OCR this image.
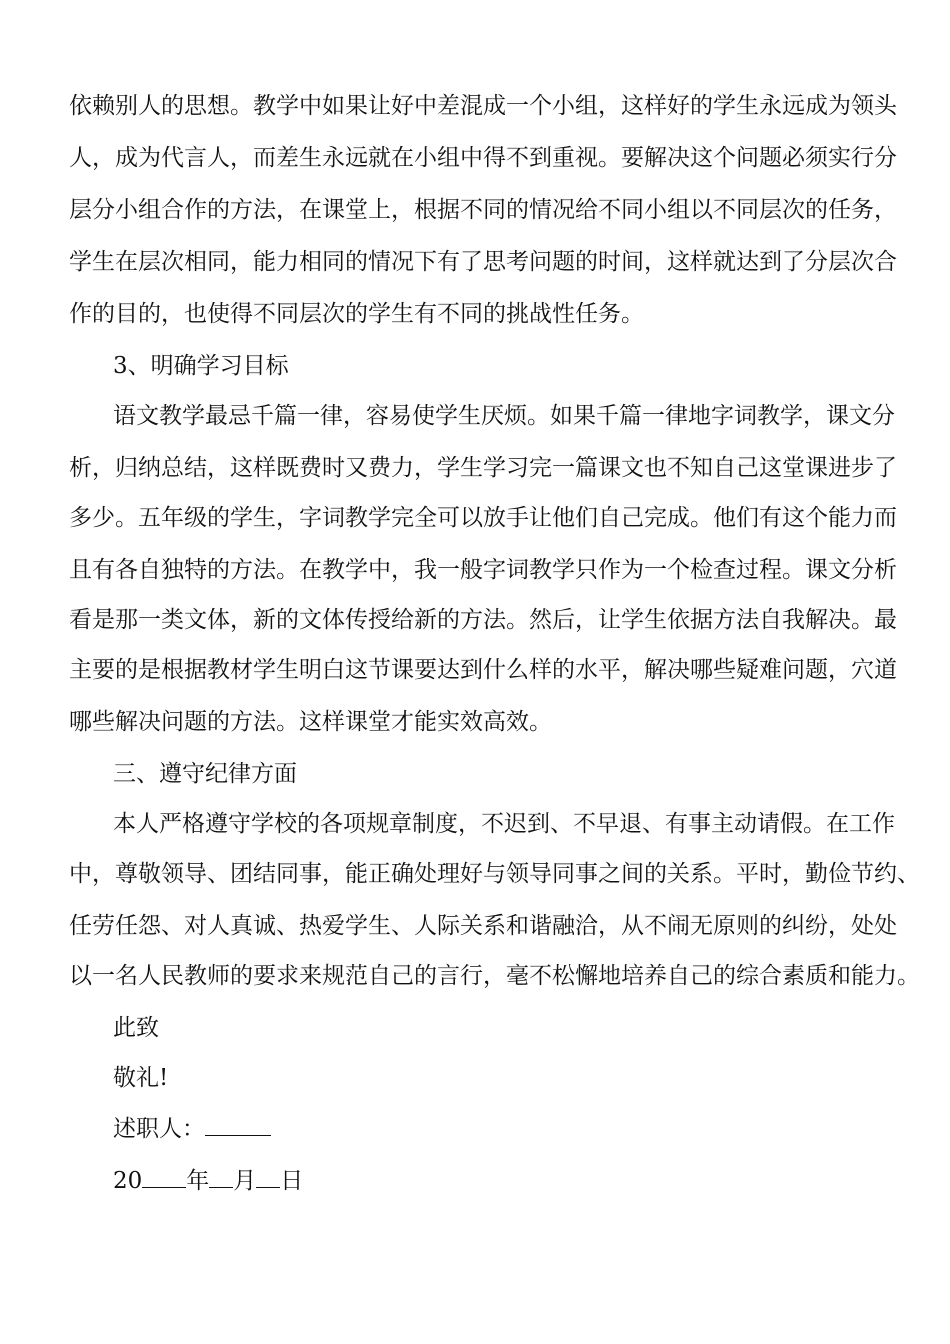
依赖别人的思想。教学中如果让好中差混成一个小组，这样好的学生永远成为领头
人，成为代言人，而差生永远就在小组中得不到重视。要解决这个问题必须实行分
层分小组合作的方法，在课堂上，根据不同的情况给不同小组以不同层次的任务，
学生在层次相同，能力相同的情况下有了思考问题的时间，这样就达到了分层次合
作的目的，也使得不同层次的学生有不同的挑战性任务。
3、明确学习目标
语文教学最忌千篇一律，容易使学生厌烦。如果千篇一律地字词教学，课文分
析，归纳总结，这样既费时又费力，学生学习完一篇课文也不知自己这堂课进步了
多少。五年级的学生，字词教学完全可以放手让他们自己完成。他们有这个能力而
且有各自独特的方法。在教学中，我一般字词教学只作为一个检查过程。课文分析
看是那一类文体，新的文体传授给新的方法。然后，让学生依据方法自我解决。最
主要的是根据教材学生明白这节课要达到什么样的水平，解决哪些疑难问题，穴道
哪些解决问题的方法。这样课堂才能实效高效。
三、遵守纪律方面
本人严格遵守学校的各项规章制度，不迟到、不早退、有事主动请假。在工作
中，尊敬领导、团结同事，能正确处理好与领导同事之间的关系。平时，勤俭节约、
任劳任怨、对人真诚、热爱学生、人际关系和谐融洽，从不闹无原则的纠纷，处处
以一名人民教师的要求来规范自己的言行，毫不松懈地培养自己的综合素质和能力。
此致
敬礼!
述职人：
20 年 月 日
